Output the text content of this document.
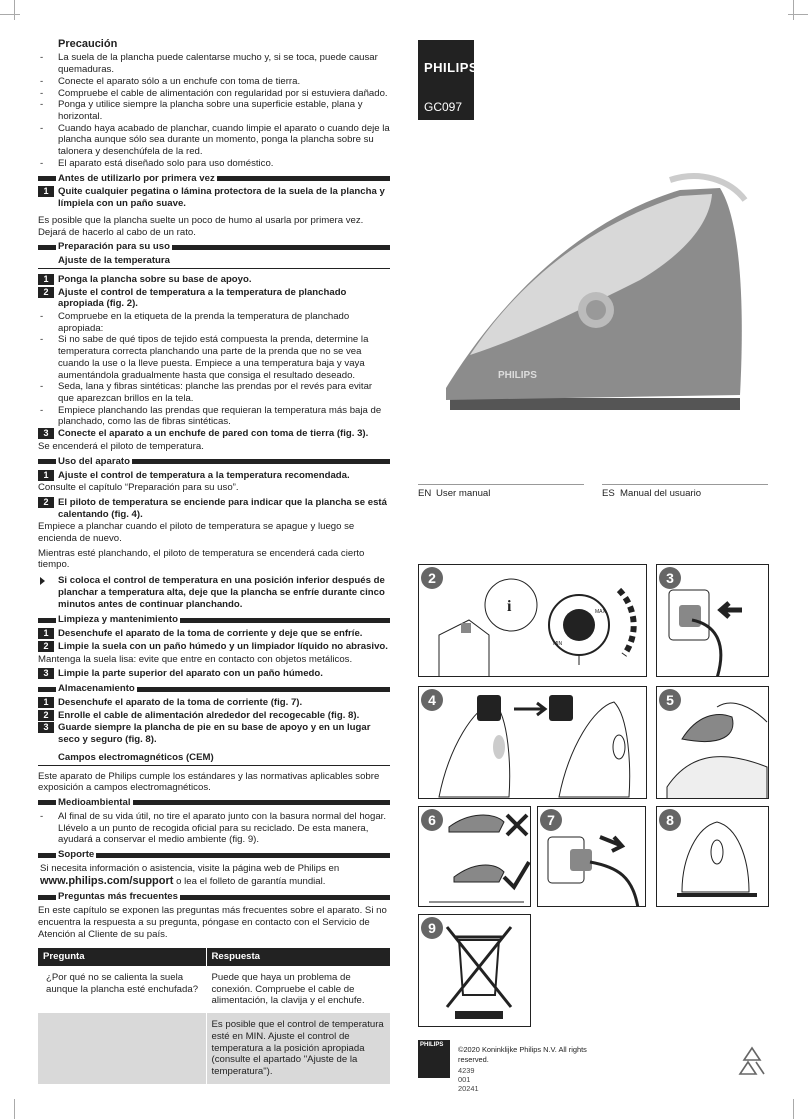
Precaución
- La suela de la plancha puede calentarse mucho y, si se toca, puede causar quemaduras.
- Conecte el aparato sólo a un enchufe con toma de tierra.
- Compruebe el cable de alimentación con regularidad por si estuviera dañado.
- Ponga y utilice siempre la plancha sobre una superficie estable, plana y horizontal.
- Cuando haya acabado de planchar, cuando limpie el aparato o cuando deje la plancha aunque sólo sea durante un momento, ponga la plancha sobre su talonera y desenchúfela de la red.
- El aparato está diseñado solo para uso doméstico.
Antes de utilizarlo por primera vez
1 Quite cualquier pegatina o lámina protectora de la suela de la plancha y límpiela con un paño suave.
Es posible que la plancha suelte un poco de humo al usarla por primera vez. Dejará de hacerlo al cabo de un rato.
Preparación para su uso
Ajuste de la temperatura
1 Ponga la plancha sobre su base de apoyo.
2 Ajuste el control de temperatura a la temperatura de planchado apropiada (fig. 2).
- Compruebe en la etiqueta de la prenda la temperatura de planchado apropiada:
- Si no sabe de qué tipos de tejido está compuesta la prenda, determine la temperatura correcta planchando una parte de la prenda que no se vea cuando la use o la lleve puesta. Empiece a una temperatura baja y vaya aumentándola gradualmente hasta que consiga el resultado deseado.
- Seda, lana y fibras sintéticas: planche las prendas por el revés para evitar que aparezcan brillos en la tela.
- Empiece planchando las prendas que requieran la temperatura más baja de planchado, como las de fibras sintéticas.
3 Conecte el aparato a un enchufe de pared con toma de tierra (fig. 3).
Se encenderá el piloto de temperatura.
Uso del aparato
1 Ajuste el control de temperatura a la temperatura recomendada.
Consulte el capítulo “Preparación para su uso”.
2 El piloto de temperatura se enciende para indicar que la plancha se está calentando (fig. 4).
Empiece a planchar cuando el piloto de temperatura se apague y luego se encienda de nuevo.
Mientras esté planchando, el piloto de temperatura se encenderá cada cierto tiempo.
Si coloca el control de temperatura en una posición inferior después de planchar a temperatura alta, deje que la plancha se enfríe durante cinco minutos antes de continuar planchando.
Limpieza y mantenimiento
1 Desenchufe el aparato de la toma de corriente y deje que se enfríe.
2 Limpie la suela con un paño húmedo y un limpiador líquido no abrasivo.
Mantenga la suela lisa: evite que entre en contacto con objetos metálicos.
3 Limpie la parte superior del aparato con un paño húmedo.
Almacenamiento
1 Desenchufe el aparato de la toma de corriente (fig. 7).
2 Enrolle el cable de alimentación alrededor del recogecable (fig. 8).
3 Guarde siempre la plancha de pie en su base de apoyo y en un lugar seco y seguro (fig. 8).
Campos electromagnéticos (CEM)
Este aparato de Philips cumple los estándares y las normativas aplicables sobre exposición a campos electromagnéticos.
Medioambiental
- Al final de su vida útil, no tire el aparato junto con la basura normal del hogar. Llévelo a un punto de recogida oficial para su reciclado. De esta manera, ayudará a conservar el medio ambiente (fig. 9).
Soporte
Si necesita información o asistencia, visite la página web de Philips en
www.philips.com/support o lea el folleto de garantía mundial.
Preguntas más frecuentes
En este capítulo se exponen las preguntas más frecuentes sobre el aparato. Si no encuentra la respuesta a su pregunta, póngase en contacto con el Servicio de Atención al Cliente de su país.
Pregunta	Respuesta
¿Por qué no se calienta la suela aunque la plancha esté enchufada?	Puede que haya un problema de conexión. Compruebe el cable de alimentación, la clavija y el enchufe.
	Es posible que el control de temperatura esté en MIN. Ajuste el control de temperatura a la posición apropiada (consulte el apartado "Ajuste de la temperatura").
PHILIPS
GC097
PHILIPS
EN User manual	ES Manual del usuario
2
i	MAX
MIN
3
4	5
6	7	8
9
PHILIPS ©2020 Koninklijke Philips N.V. All rights reserved.
4239 001 20241
